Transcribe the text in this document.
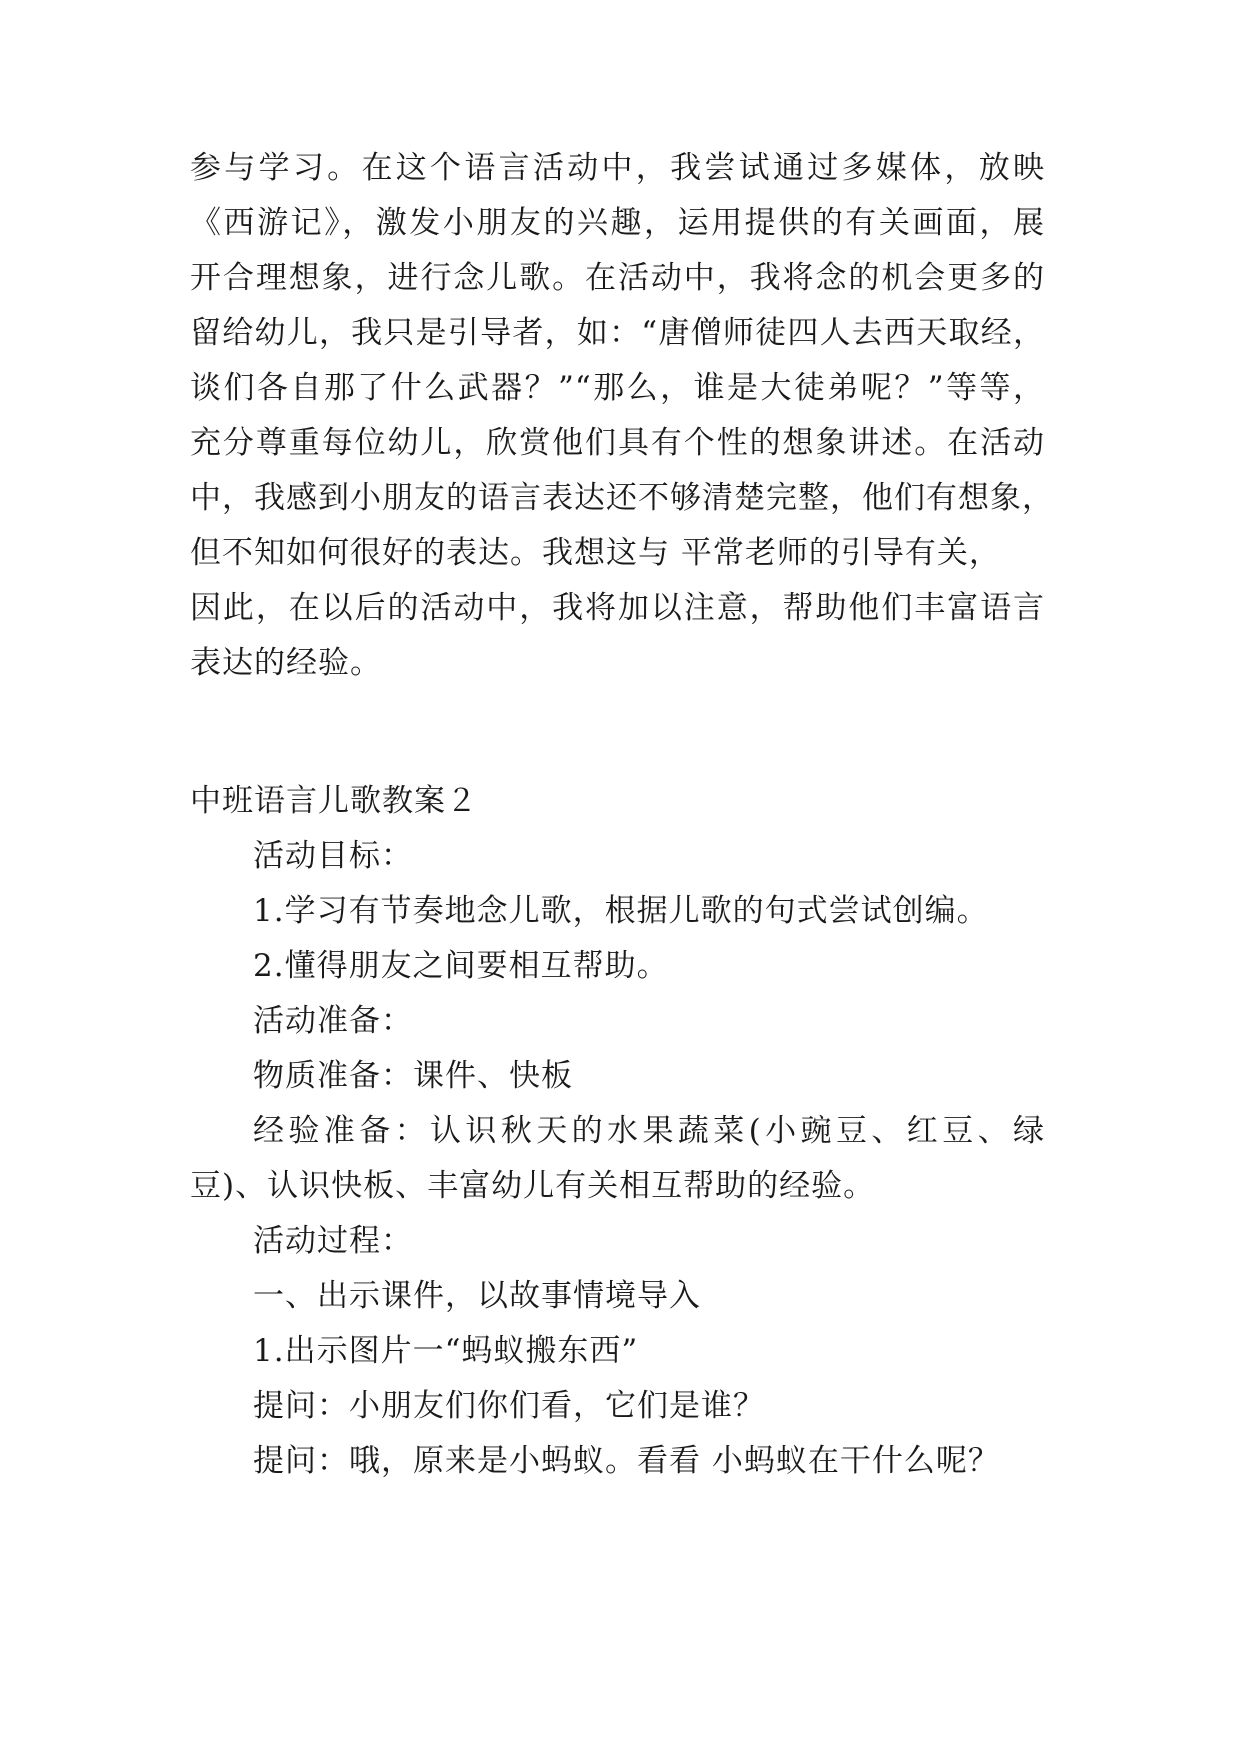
参与学习。在这个语言活动中，我尝试通过多媒体，放映

《西游记》，激发小朋友的兴趣，运用提供的有关画面，展

开合理想象，进行念儿歌。在活动中，我将念的机会更多的

留给幼儿，我只是引导者，如：“唐僧师徒四人去西天取经，

谈们各自那了什么武器？”“那么，谁是大徒弟呢？”等等，

充分尊重每位幼儿，欣赏他们具有个性的想象讲述。在活动

中，我感到小朋友的语言表达还不够清楚完整，他们有想象，

但不知如何很好的表达。我想这与 平常老师的引导有关，

因此，在以后的活动中，我将加以注意，帮助他们丰富语言

表达的经验。

中班语言儿歌教案２

活动目标：

1.学习有节奏地念儿歌，根据儿歌的句式尝试创编。

2.懂得朋友之间要相互帮助。

活动准备：

物质准备：课件、快板

经验准备：认识秋天的水果蔬菜(小豌豆、红豆、绿

豆)、认识快板、丰富幼儿有关相互帮助的经验。

活动过程：

一、出示课件，以故事情境导入

1.出示图片一“蚂蚁搬东西”

提问：小朋友们你们看，它们是谁？

提问：哦，原来是小蚂蚁。看看 小蚂蚁在干什么呢？
